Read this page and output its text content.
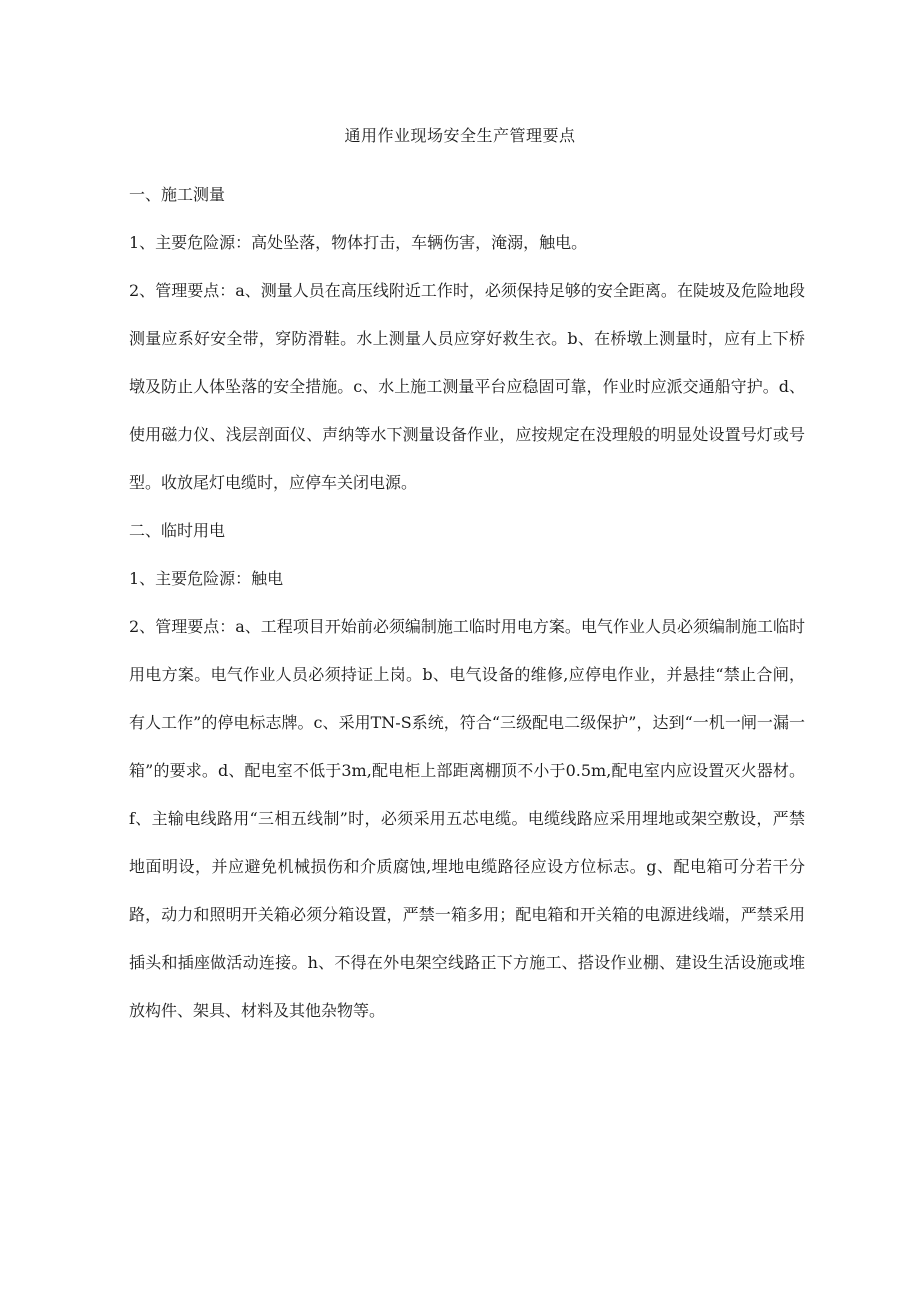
通用作业现场安全生产管理要点

一、施工测量

1、主要危险源：高处坠落，物体打击，车辆伤害，淹溺，触电。

2、管理要点：a、测量人员在高压线附近工作时，必须保持足够的安全距离。在陡坡及危险地段测量应系好安全带，穿防滑鞋。水上测量人员应穿好救生衣。b、在桥墩上测量时，应有上下桥墩及防止人体坠落的安全措施。c、水上施工测量平台应稳固可靠，作业时应派交通船守护。d、使用磁力仪、浅层剖面仪、声纳等水下测量设备作业，应按规定在没理般的明显处设置号灯或号型。收放尾灯电缆时，应停车关闭电源。

二、临时用电

1、主要危险源：触电

2、管理要点：a、工程项目开始前必须编制施工临时用电方案。电气作业人员必须编制施工临时用电方案。电气作业人员必须持证上岗。b、电气设备的维修,应停电作业，并悬挂“禁止合闸，有人工作”的停电标志牌。c、采用TN-S系统，符合“三级配电二级保护”，达到“一机一闸一漏一箱”的要求。d、配电室不低于3m,配电柜上部距离棚顶不小于0.5m,配电室内应设置灭火器材。f、主输电线路用“三相五线制”时，必须采用五芯电缆。电缆线路应采用埋地或架空敷设，严禁地面明设，并应避免机械损伤和介质腐蚀,埋地电缆路径应设方位标志。g、配电箱可分若干分路，动力和照明开关箱必须分箱设置，严禁一箱多用；配电箱和开关箱的电源进线端，严禁采用插头和插座做活动连接。h、不得在外电架空线路正下方施工、搭设作业棚、建设生活设施或堆放构件、架具、材料及其他杂物等。
